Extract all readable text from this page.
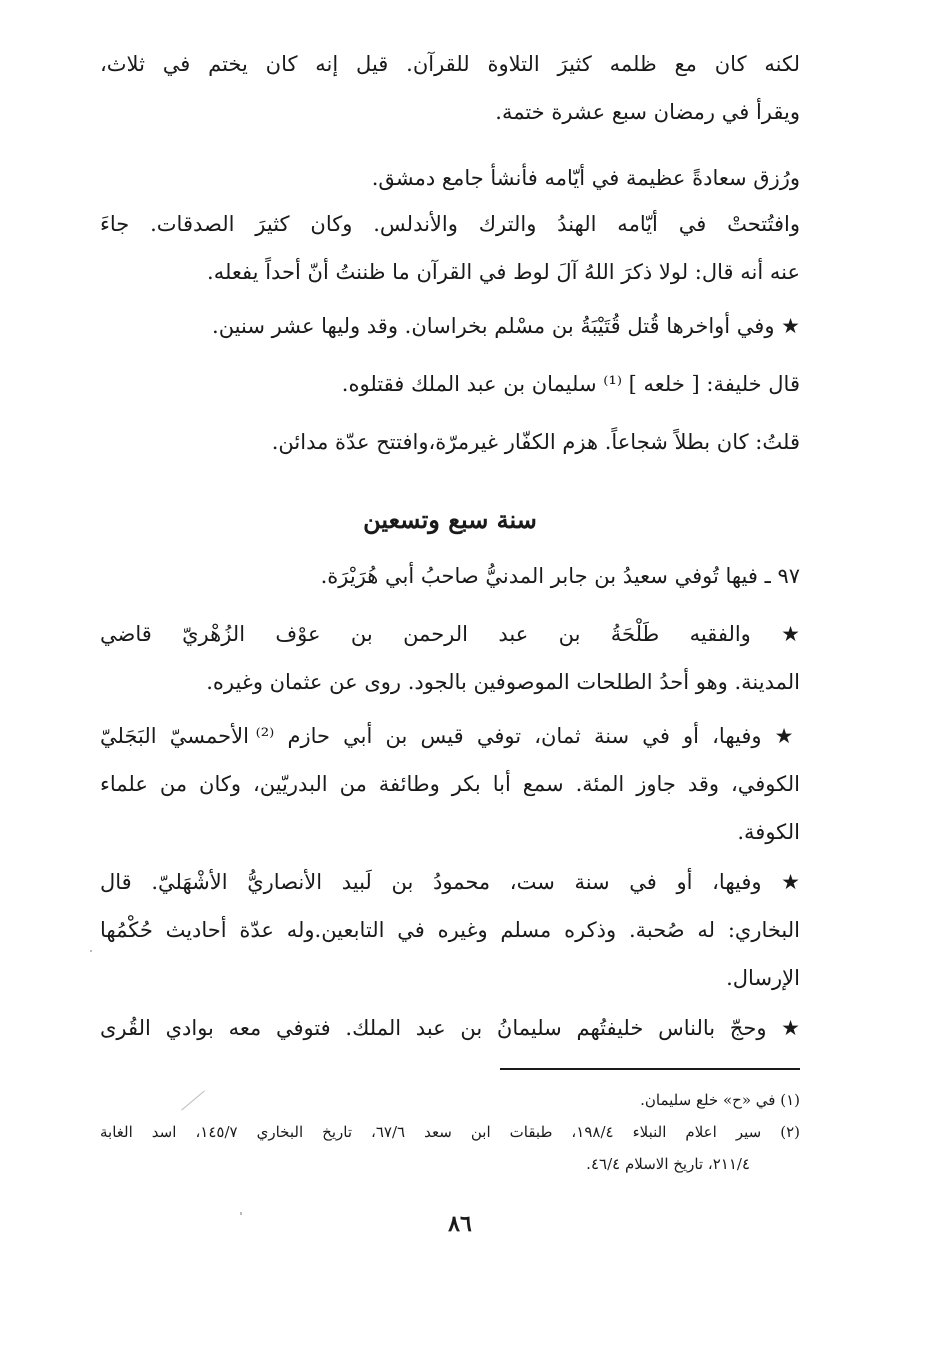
لكنه كان مع ظلمه كثيرَ التلاوة للقرآن. قيل إنه كان يختم في ثلاث،
ويقرأ في رمضان سبع عشرة ختمة.
ورُزق سعادةً عظيمة في أيّامه فأنشأ جامع دمشق.
وافتُتحتْ في أيّامه الهندُ والترك والأندلس. وكان كثيرَ الصدقات. جاءَ
عنه أنه قال: لولا ذكرَ اللهُ آلَ لوط في القرآن ما ظننتُ أنّ أحداً يفعله.
★ وفي أواخرها قُتل قُتَيْبَةُ بن مسْلم بخراسان. وقد وليها عشر سنين.
قال خليفة: [ خلعه ] ⁽¹⁾ سليمان بن عبد الملك فقتلوه.
قلتُ: كان بطلاً شجاعاً. هزم الكفّار غيرمرّة،وافتتح عدّة مدائن.
سنة سبع وتسعين
٩٧ ـ فيها تُوفي سعيدُ بن جابر المدنيُّ صاحبُ أبي هُرَيْرَة.
★ والفقيه طَلْحَةُ بن عبد الرحمن بن عوْف الزُهْريّ قاضي
المدينة. وهو أحدُ الطلحات الموصوفين بالجود. روى عن عثمان وغيره.
★ وفيها، أو في سنة ثمان، توفي قيس بن أبي حازم ⁽²⁾ الأحمسيّ البَجَليّ
الكوفي، وقد جاوز المئة. سمع أبا بكر وطائفة من البدريّين، وكان من علماء
الكوفة.
★ وفيها، أو في سنة ست، محمودُ بن لَبيد الأنصاريُّ الأشْهَليّ. قال
البخاري: له صُحبة. وذكره مسلم وغيره في التابعين.وله عدّة أحاديث حُكْمُها
الإرسال.
★ وحجّ بالناس خليفتُهم سليمانُ بن عبد الملك. فتوفي معه بوادي القُرى
(١) في «ح» خلع سليمان.
(٢) سير اعلام النبلاء ١٩٨/٤، طبقات ابن سعد ٦٧/٦، تاريخ البخاري ١٤٥/٧، اسد الغابة
٢١١/٤، تاريخ الاسلام ٤٦/٤.
٨٦
